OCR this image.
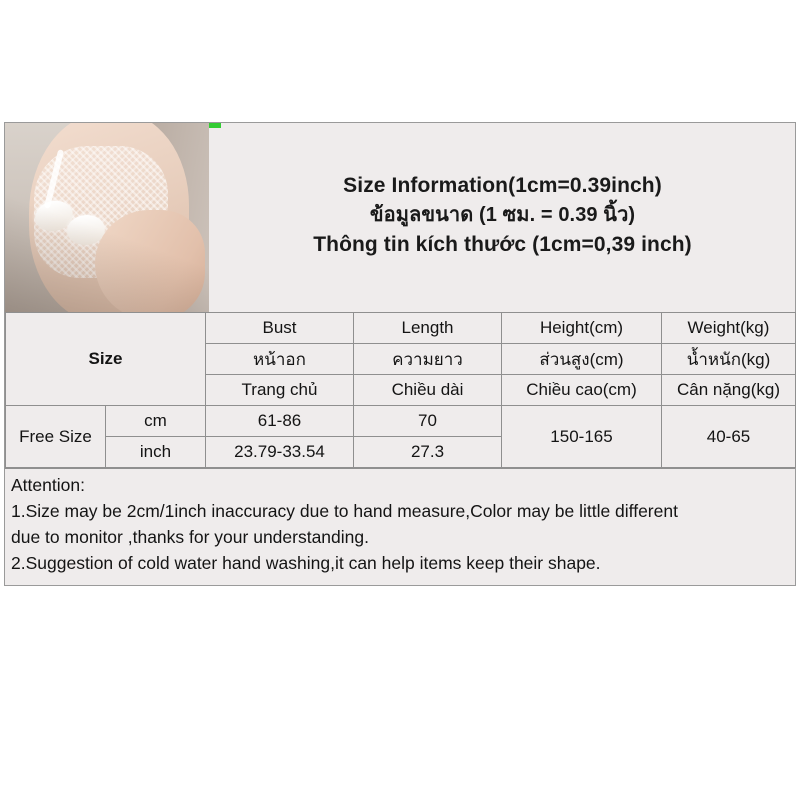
Size Information(1cm=0.39inch)
ข้อมูลขนาด (1 ซม. = 0.39 นิ้ว)
Thông tin kích thước (1cm=0,39 inch)
Size		Bust	Length	Height(cm)	Weight(kg)
		หน้าอก	ความยาว	ส่วนสูง(cm)	น้ำหนัก(kg)
		Trang chủ	Chiều dài	Chiều cao(cm)	Cân nặng(kg)
Free Size	cm	61-86	70	150-165	40-65
	inch	23.79-33.54	27.3		

Attention:

1.Size may be 2cm/1inch inaccuracy due to hand measure,Color may be little different

due to monitor ,thanks for your understanding.

2.Suggestion of cold water hand washing,it can help items keep their shape.
